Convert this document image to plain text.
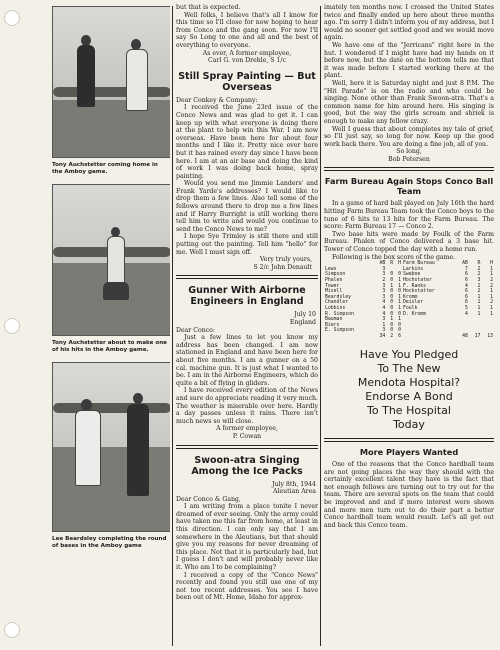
Tony Auchstetter coming home in the Amboy game.
Tony Auchstetter about to make one of his hits in the Amboy game.
Lee Beardsley completing the round of bases in the Amboy game

but that is expected.

Well folks, I believe that's all I know for this time so I'll close for now hoping to hear from Conco and the gang soon. For now I'll say So Long to one and all and the best of everything to everyone.

As ever, A former employee,

Carl G. von Drehle, S 1/c

Still Spray Painting — But Overseas

Dear Conkey & Company:

I received the June 23rd issue of the Conco News and was glad to get it. I can keep up with what everyone is doing there at the plant to help win this War. I am now overseas. Have been here for about four months and I like it. Pretty nice over here but it has rained every day since I have been here. I am at an air base and doing the kind of work I was doing back home, spray painting.

Would you send me Jimmie Landers' and Frank Yarde's addresses? I would like to drop them a few lines. Also tell some of the fellows around there to drop me a few lines and if Harry Burright is still working there tell him to write and would you continue to send the Conco News to me?

I hope Sye Trimley is still there and still putting out the painting. Tell him "hello" for me. Well I must sign off.

Very truly yours,

S 2/c John Denault

Gunner With Airborne Engineers in England

July 10

England

Dear Conco:

Just a few lines to let you know my address has been changed. I am now stationed in England and have been here for about five months. I am a gunner on a 50 cal. machine gun. It is just what I wanted to be. I am in the Airborne Engineers, which do quite a bit of flying in gliders.

I have received every edition of the News and sure do appreciate reading it very much. The weather is miserable over here. Hardly a day passes unless it rains. There isn't much news so will close.

A former employee,

P. Cowan

Swoon-atra Singing Among the Ice Packs

July 8th, 1944

Aleutian Area

Dear Conco & Gang,

I am writing from a place tonite I never dreamed of ever seeing. Only the army could have taken me this far from home, at least in this direction. I can only say that I am somewhere in the Aleutians, but that should give you my reasons for never dreaming of this place. Not that it is particularly bad, but I guess I don't and will probably never like it. Who am I to be complaining?

I received a copy of the "Conco News" recently and found you still use one of my not too recent addresses. You see I have been out of Mt. Home, Idaho for approx-

imately ten months now. I crossed the United States twice and finally ended up here about three months ago. I'm sorry I didn't inform you of my address, but I would no sooner get settled good and we would move again.

We have one of the "Jerricans" right here in the hut. I wondered if I might have had my hands on it before now, but the date on the bottom tells me that it was made before I started working there at the plant.

Well, here it is Saturday night and just 8 P.M. The "Hit Parade" is on the radio and who could be singing. None other than Frank Swoon-atra. That's a common name for him around here. His singing is good, but the way the girls scream and shriek is enough to make any fellow crazy.

Well I guess that about completes my tale of grief, so I'll just say, so long for now. Keep up the good work back there. You are doing a fine job, all of you.

So long,

Bob Petersen

Farm Bureau Again Stops Conco Ball Team

In a game of hard ball played on July 16th the hard hitting Farm Bureau Team took the Conco boys to the tune of 6 hits to 13 hits for the Farm Bureau. The score: Farm Bureau 17 — Conco 2.

Two base hits were made by Foulk of the Farm Bureau. Phalen of Conco delivered a 3 base hit. Tower of Conco topped the day with a home run.

Following is the box score of the game.

	AB	R	H	Farm Bureau	AB	R	H
Lews	3			Larkins	7	2	1
Simpson	3	0	0	Swaboe	6	2	1
Phalen	2	0	1	Hochstater	6	3	2
Tower	3	1	1	F. Ranks	4	2	2
Misell	3	0	0	Hockstatter	6	2	1
Beardsley	3	0	1	Kromm	6	1	1
Chandler	4	0	1	Deisler	6	1	2
Lobbins	4	0	1	Foulk	5	1	1
R. Simpson	4	0	0	D. Kromm	4	1	1
Bauman	3	1	1				
Biers	1	0	0				
E. Simpson	3	0	0				
	34	2	6		48	17	13
Have You Pledged
To The New
Mendota Hospital?
Endorse A Bond
To The Hospital
Today
More Players Wanted

One of the reasons that the Conco hardball team are not going places the way they should with the certainly excellent talent they have is the fact that not enough fellows are turning out to try out for the team. There are several spots on the team that could be improved and and if more interest were shown and more men turn out to do their part a better Conco hardball team would result. Let's all get out and back this Conco team.
